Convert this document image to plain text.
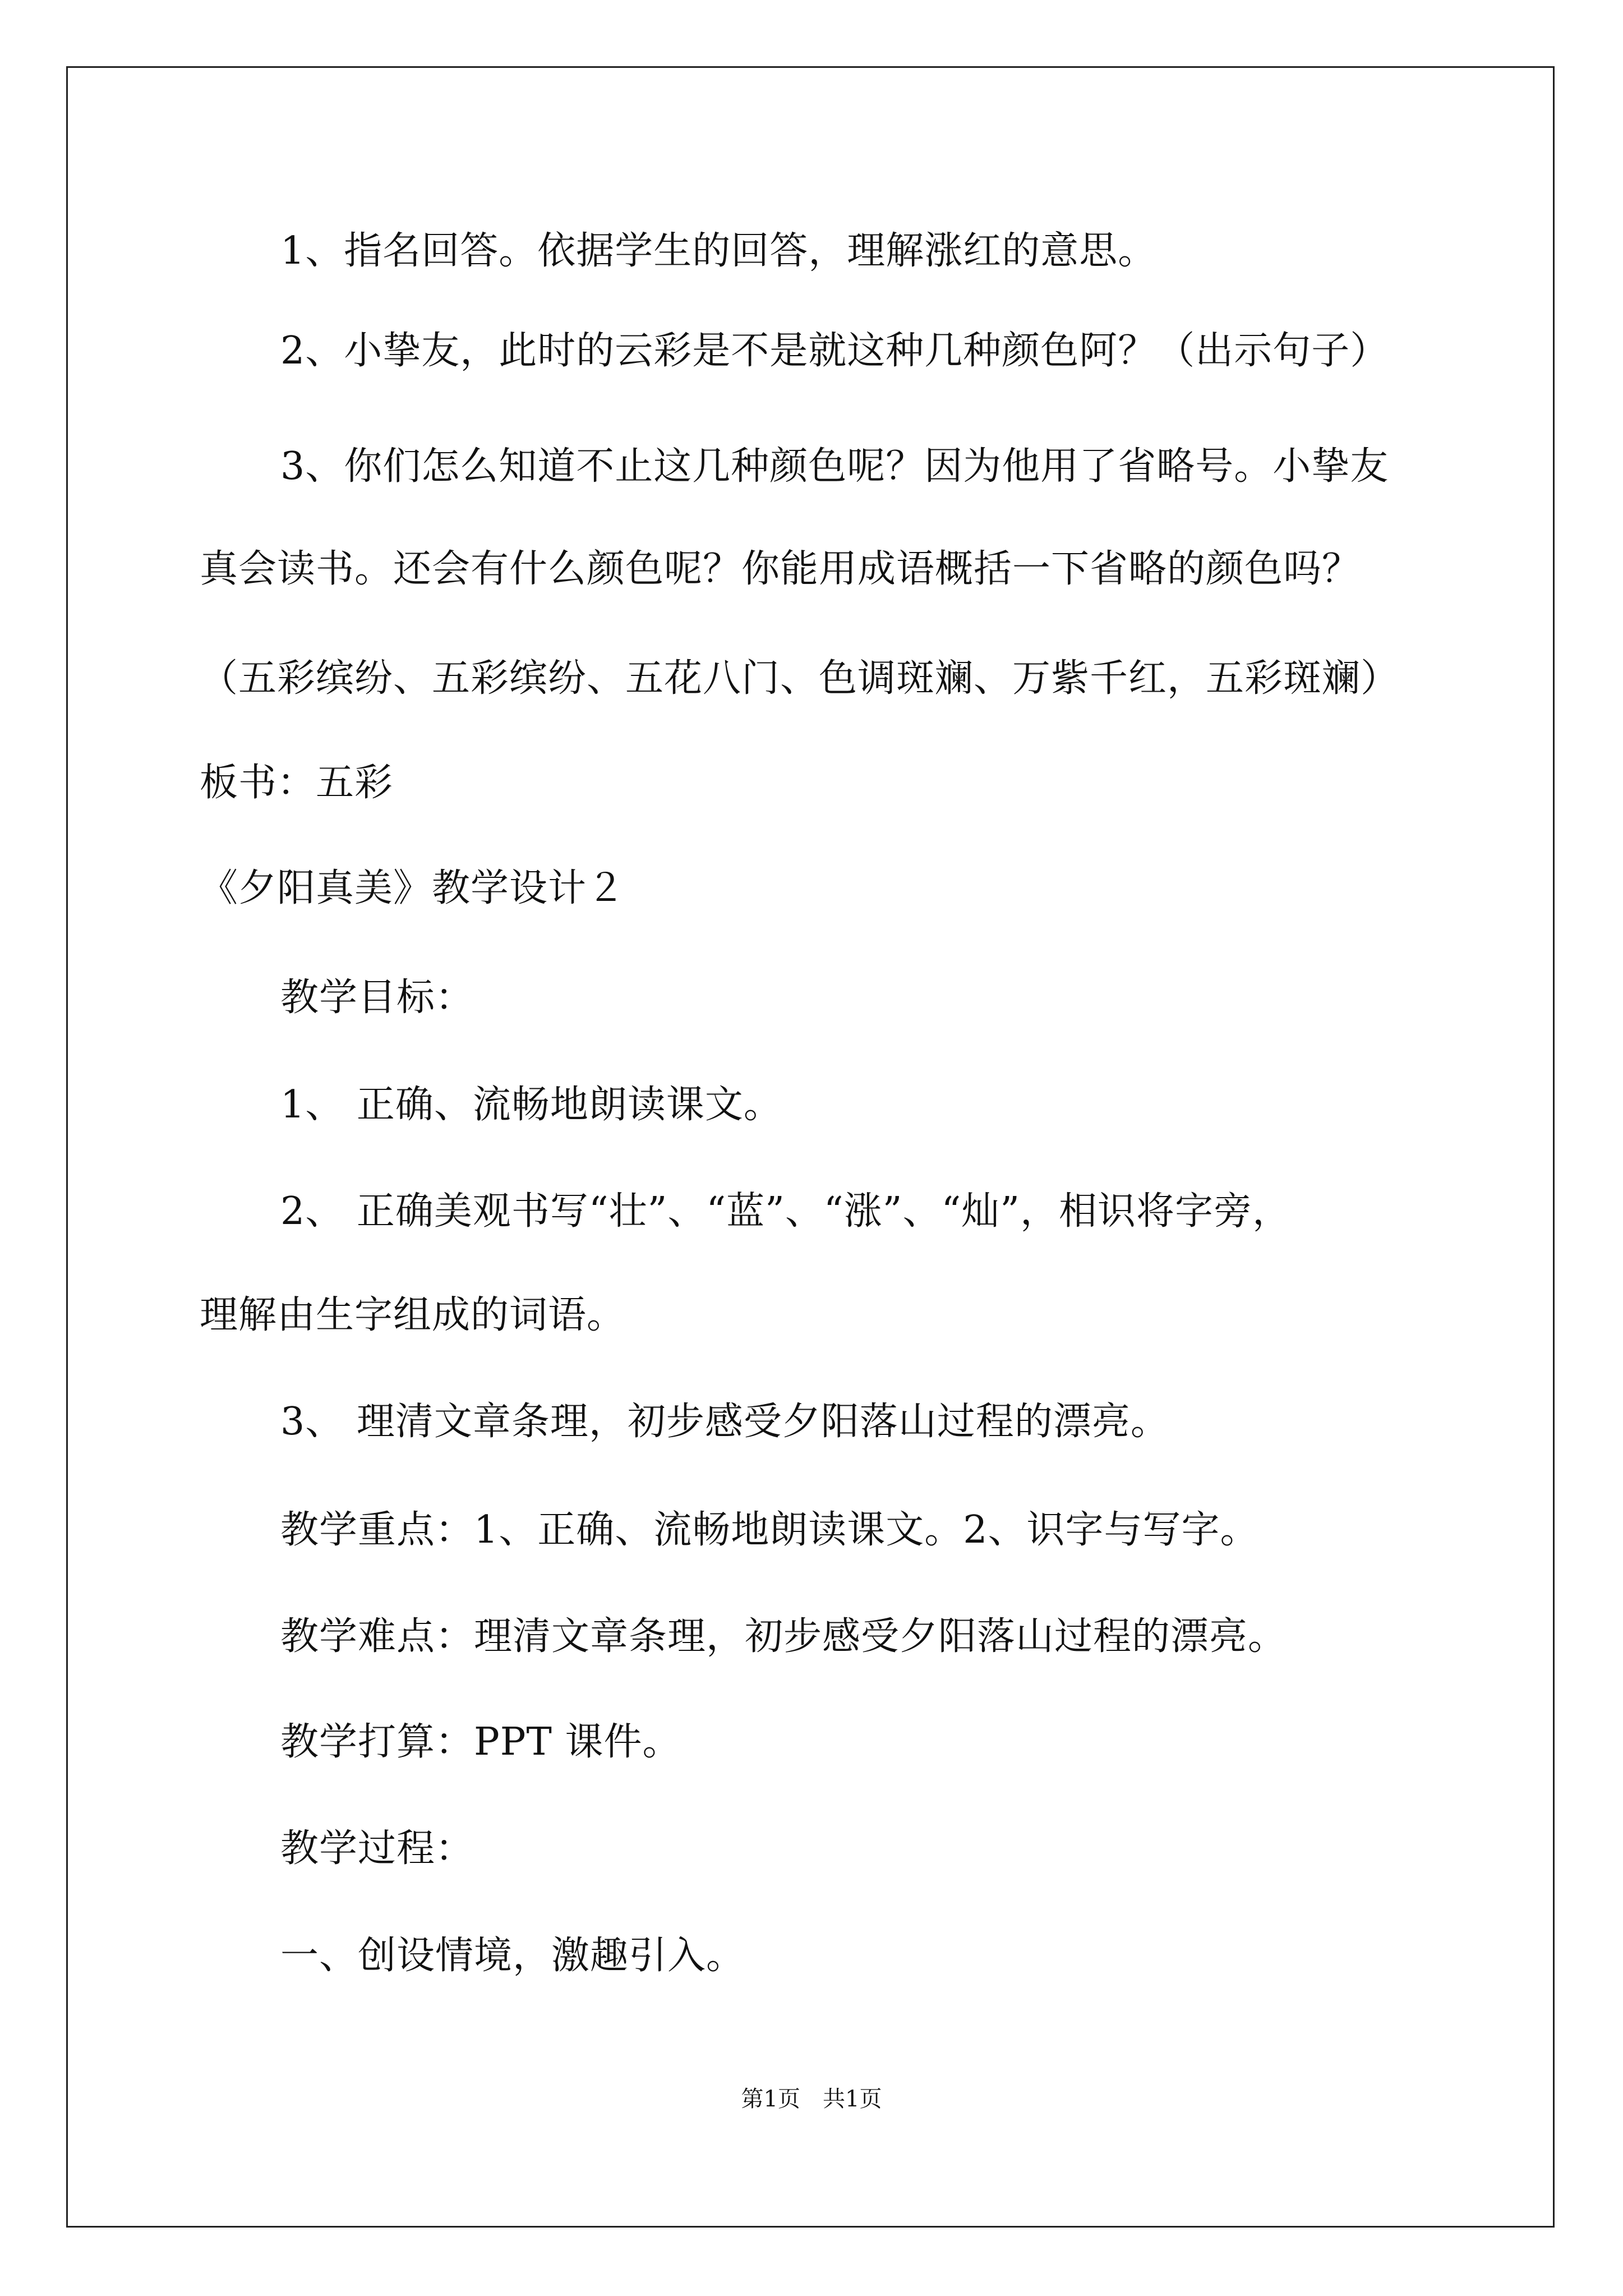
1、指名回答。依据学生的回答，理解涨红的意思。
2、小挚友，此时的云彩是不是就这种几种颜色阿？（出示句子）
3、你们怎么知道不止这几种颜色呢？因为他用了省略号。小挚友
真会读书。还会有什么颜色呢？你能用成语概括一下省略的颜色吗？
（五彩缤纷、五彩缤纷、五花八门、色调斑斓、万紫千红，五彩斑斓）
板书：五彩
《夕阳真美》教学设计２
教学目标：
1、 正确、流畅地朗读课文。
2、 正确美观书写“壮”、“蓝”、“涨”、“灿”，相识将字旁，
理解由生字组成的词语。
3、 理清文章条理，初步感受夕阳落山过程的漂亮。
教学重点：1、正确、流畅地朗读课文。2、识字与写字。
教学难点：理清文章条理，初步感受夕阳落山过程的漂亮。
教学打算：PPT 课件。
教学过程：
一、创设情境，激趣引入。
第1页　共1页
